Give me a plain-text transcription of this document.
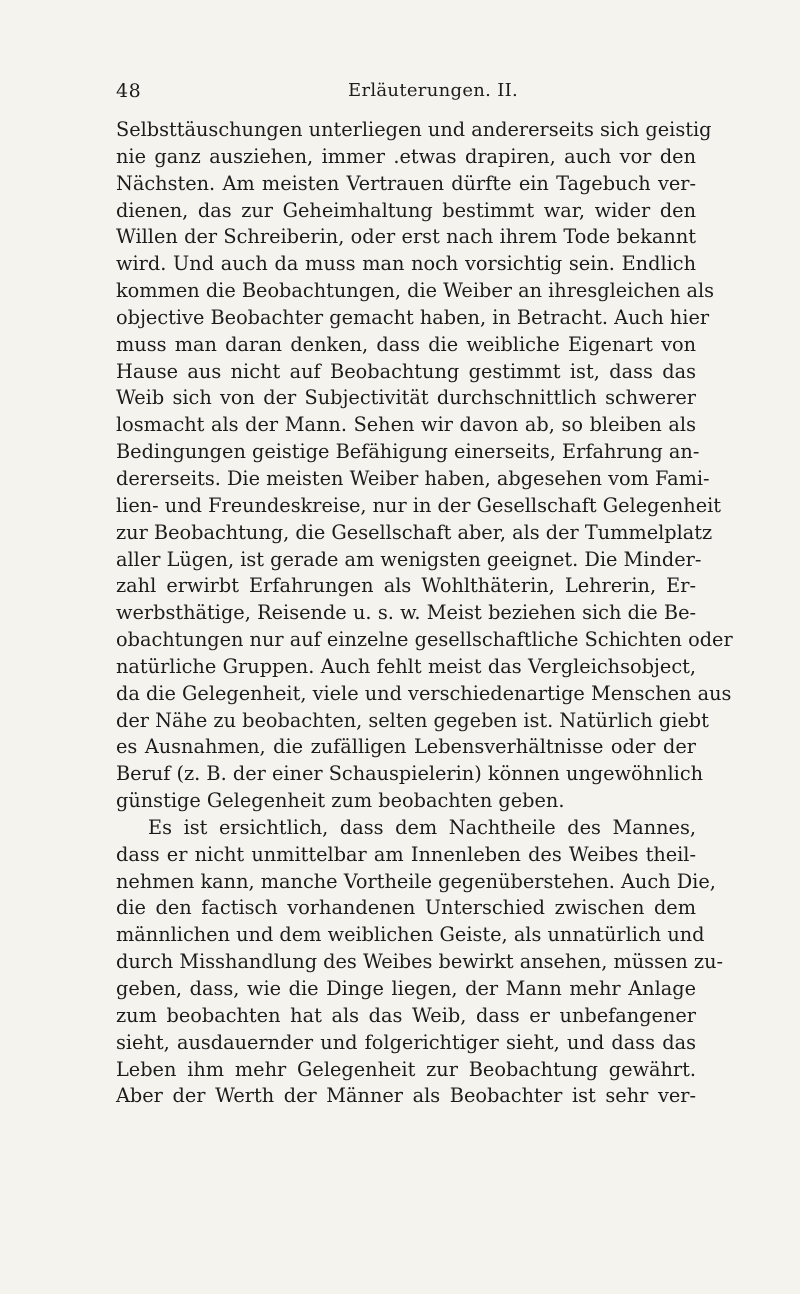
48	Erläuterungen. II.
Selbsttäuschungen unterliegen und andererseits sich geistig
nie ganz ausziehen, immer .etwas drapiren, auch vor den
Nächsten. Am meisten Vertrauen dürfte ein Tagebuch ver-
dienen, das zur Geheimhaltung bestimmt war, wider den
Willen der Schreiberin, oder erst nach ihrem Tode bekannt
wird. Und auch da muss man noch vorsichtig sein. Endlich
kommen die Beobachtungen, die Weiber an ihresgleichen als
objective Beobachter gemacht haben, in Betracht. Auch hier
muss man daran denken, dass die weibliche Eigenart von
Hause aus nicht auf Beobachtung gestimmt ist, dass das
Weib sich von der Subjectivität durchschnittlich schwerer
losmacht als der Mann. Sehen wir davon ab, so bleiben als
Bedingungen geistige Befähigung einerseits, Erfahrung an-
dererseits. Die meisten Weiber haben, abgesehen vom Fami-
lien- und Freundeskreise, nur in der Gesellschaft Gelegenheit
zur Beobachtung, die Gesellschaft aber, als der Tummelplatz
aller Lügen, ist gerade am wenigsten geeignet. Die Minder-
zahl erwirbt Erfahrungen als Wohlthäterin, Lehrerin, Er-
werbsthätige, Reisende u. s. w. Meist beziehen sich die Be-
obachtungen nur auf einzelne gesellschaftliche Schichten oder
natürliche Gruppen. Auch fehlt meist das Vergleichsobject,
da die Gelegenheit, viele und verschiedenartige Menschen aus
der Nähe zu beobachten, selten gegeben ist. Natürlich giebt
es Ausnahmen, die zufälligen Lebensverhältnisse oder der
Beruf (z. B. der einer Schauspielerin) können ungewöhnlich
günstige Gelegenheit zum beobachten geben.
Es ist ersichtlich, dass dem Nachtheile des Mannes,
dass er nicht unmittelbar am Innenleben des Weibes theil-
nehmen kann, manche Vortheile gegenüberstehen. Auch Die,
die den factisch vorhandenen Unterschied zwischen dem
männlichen und dem weiblichen Geiste, als unnatürlich und
durch Misshandlung des Weibes bewirkt ansehen, müssen zu-
geben, dass, wie die Dinge liegen, der Mann mehr Anlage
zum beobachten hat als das Weib, dass er unbefangener
sieht, ausdauernder und folgerichtiger sieht, und dass das
Leben ihm mehr Gelegenheit zur Beobachtung gewährt.
Aber der Werth der Männer als Beobachter ist sehr ver-
